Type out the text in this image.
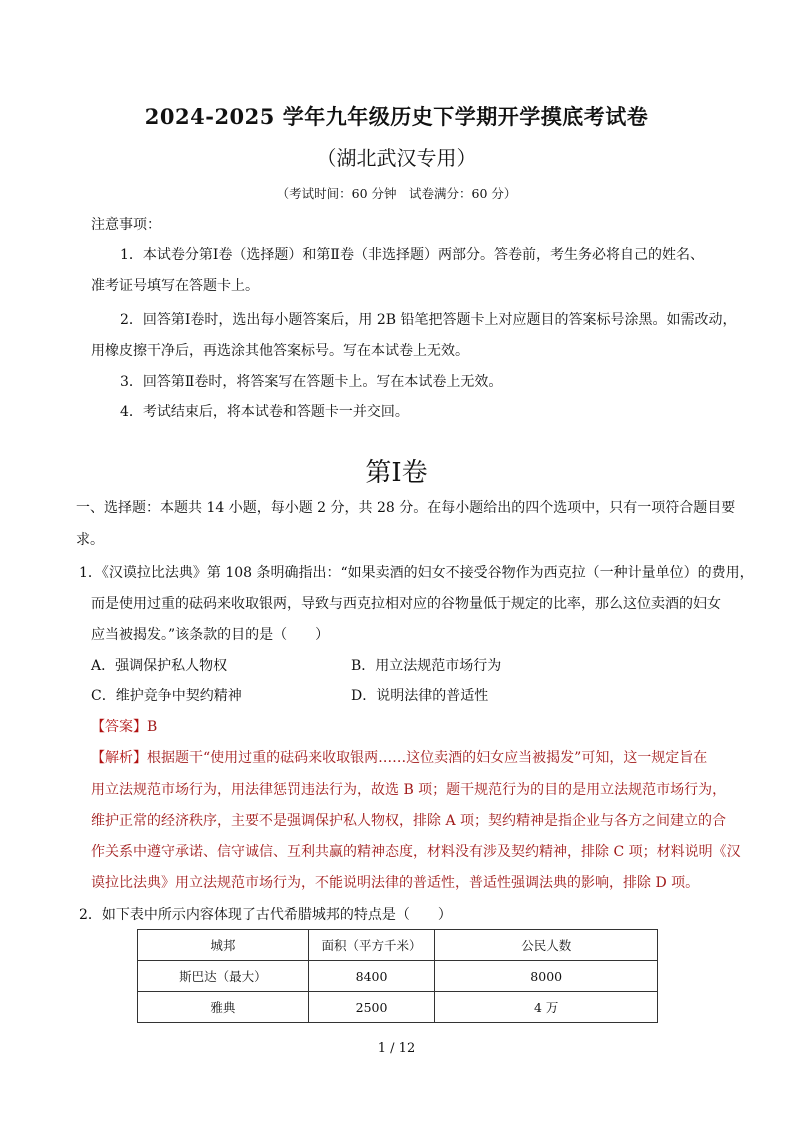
2024-2025 学年九年级历史下学期开学摸底考试卷
（湖北武汉专用）
（考试时间：60 分钟　试卷满分：60 分）
注意事项：
1．本试卷分第Ⅰ卷（选择题）和第Ⅱ卷（非选择题）两部分。答卷前，考生务必将自己的姓名、
准考证号填写在答题卡上。
2．回答第Ⅰ卷时，选出每小题答案后，用 2B 铅笔把答题卡上对应题目的答案标号涂黑。如需改动，
用橡皮擦干净后，再选涂其他答案标号。写在本试卷上无效。
3．回答第Ⅱ卷时，将答案写在答题卡上。写在本试卷上无效。
4．考试结束后，将本试卷和答题卡一并交回。
第Ⅰ卷
一、选择题：本题共 14 小题，每小题 2 分，共 28 分。在每小题给出的四个选项中，只有一项符合题目要
求。
1．《汉谟拉比法典》第 108 条明确指出：“如果卖酒的妇女不接受谷物作为西克拉（一种计量单位）的费用，
而是使用过重的砝码来收取银两，导致与西克拉相对应的谷物量低于规定的比率，那么这位卖酒的妇女
应当被揭发。”该条款的目的是（　　）
A．强调保护私人物权	B．用立法规范市场行为
C．维护竞争中契约精神	D．说明法律的普适性
【答案】B
【解析】根据题干“使用过重的砝码来收取银两……这位卖酒的妇女应当被揭发”可知，这一规定旨在
用立法规范市场行为，用法律惩罚违法行为，故选 B 项；题干规范行为的目的是用立法规范市场行为，
维护正常的经济秩序，主要不是强调保护私人物权，排除 A 项；契约精神是指企业与各方之间建立的合
作关系中遵守承诺、信守诚信、互利共赢的精神态度，材料没有涉及契约精神，排除 C 项；材料说明《汉
谟拉比法典》用立法规范市场行为，不能说明法律的普适性，普适性强调法典的影响，排除 D 项。
2．如下表中所示内容体现了古代希腊城邦的特点是（　　）
城邦	面积（平方千米）	公民人数
斯巴达（最大）	8400	8000
雅典	2500	4 万
1 / 12
